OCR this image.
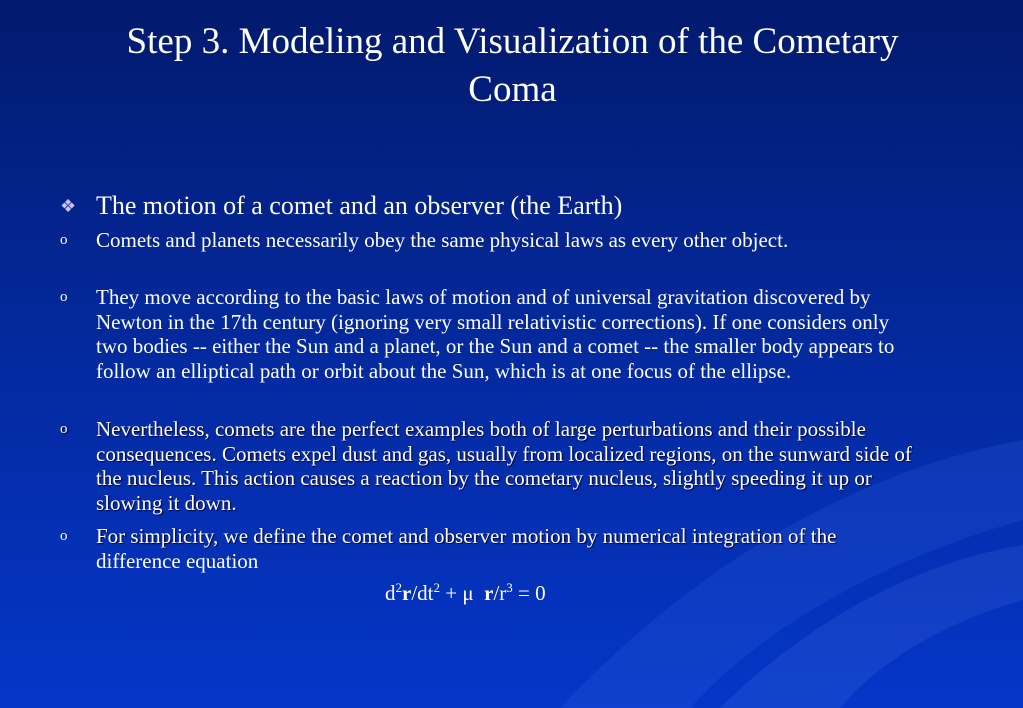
Step 3. Modeling and Visualization of the Cometary
Coma
❖ The motion of a comet and an observer (the Earth)
o Comets and planets necessarily obey the same physical laws as every other object.
o They move according to the basic laws of motion and of universal gravitation discovered by Newton in the 17th century (ignoring very small relativistic corrections). If one considers only two bodies -- either the Sun and a planet, or the Sun and a comet -- the smaller body appears to follow an elliptical path or orbit about the Sun, which is at one focus of the ellipse.
o Nevertheless, comets are the perfect examples both of large perturbations and their possible consequences. Comets expel dust and gas, usually from localized regions, on the sunward side of the nucleus. This action causes a reaction by the cometary nucleus, slightly speeding it up or slowing it down.
o For simplicity, we define the comet and observer motion by numerical integration of the difference equation
$d^2r/dt^2 + \mu$  $r/r^3 = 0$
